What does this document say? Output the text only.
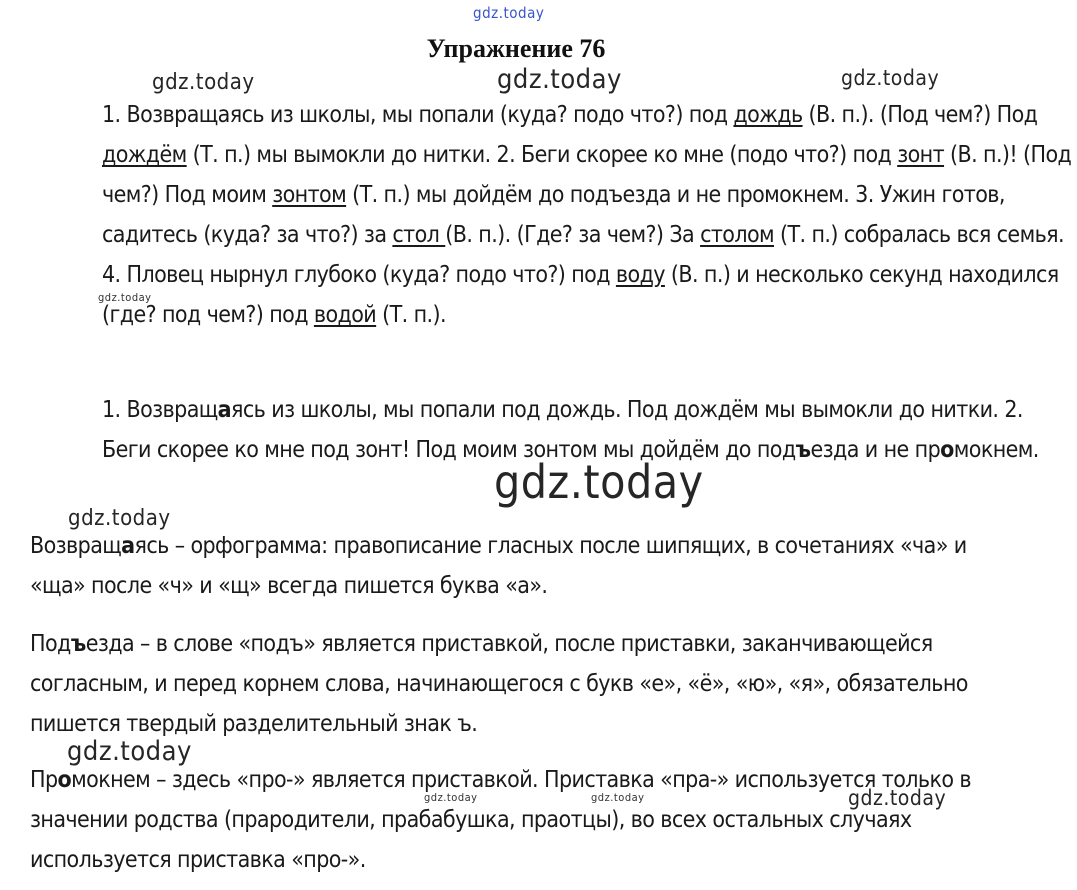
gdz.today
Упражнение 76
1. Возвращаясь из школы, мы попали (куда? подо что?) под дождь (В. п.). (Под чем?) Под дождём (Т. п.) мы вымокли до нитки. 2. Беги скорее ко мне (подо что?) под зонт (В. п.)! (Под чем?) Под моим зонтом (Т. п.) мы дойдём до подъезда и не промокнем. 3. Ужин готов, садитесь (куда? за что?) за стол (В. п.). (Где? за чем?) За столом (Т. п.) собралась вся семья. 4. Пловец нырнул глубоко (куда? подо что?) под воду (В. п.) и несколько секунд находился (где? под чем?) под водой (Т. п.).
1. Возвращаясь из школы, мы попали под дождь. Под дождём мы вымокли до нитки. 2. Беги скорее ко мне под зонт! Под моим зонтом мы дойдём до подъезда и не промокнем.
Возвращаясь – орфограмма: правописание гласных после шипящих, в сочетаниях «ча» и «ща» после «ч» и «щ» всегда пишется буква «а».
Подъезда – в слове «подъ» является приставкой, после приставки, заканчивающейся согласным, и перед корнем слова, начинающегося с букв «е», «ё», «ю», «я», обязательно пишется твердый разделительный знак ъ.
Промокнем – здесь «про-» является приставкой. Приставка «пра-» используется только в значении родства (прародители, прабабушка, праотцы), во всех остальных случаях используется приставка «про-».
gdz.today	gdz.today	gdz.today
gdz.today
gdz.today
gdz.today
gdz.today
gdz.today	gdz.today	gdz.today
